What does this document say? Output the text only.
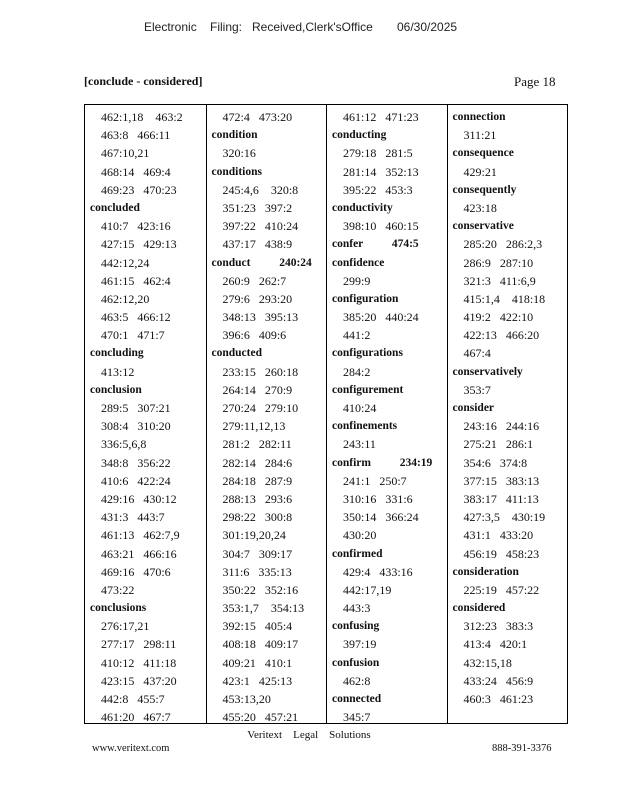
Electronic Filing: Received,Clerk'sOffice 06/30/2025
[conclude - considered]	Page 18
462:1,18    463:2
463:8   466:11
467:10,21
468:14   469:4
469:23   470:23
concluded
410:7   423:16
427:15   429:13
442:12,24
461:15   462:4
462:12,20
463:5   466:12
470:1   471:7
concluding
413:12
conclusion
289:5   307:21
308:4   310:20
336:5,6,8
348:8   356:22
410:6   422:24
429:16   430:12
431:3   443:7
461:13   462:7,9
463:21   466:16
469:16   470:6
473:22
conclusions
276:17,21
277:17   298:11
410:12   411:18
423:15   437:20
442:8   455:7
461:20   467:7
472:4   473:20
condition
320:16
conditions
245:4,6    320:8
351:23   397:2
397:22   410:24
437:17   438:9
conduct          240:24
260:9   262:7
279:6   293:20
348:13   395:13
396:6   409:6
conducted
233:15   260:18
264:14   270:9
270:24   279:10
279:11,12,13
281:2   282:11
282:14   284:6
284:18   287:9
288:13   293:6
298:22   300:8
301:19,20,24
304:7   309:17
311:6   335:13
350:22   352:16
353:1,7    354:13
392:15   405:4
408:18   409:17
409:21   410:1
423:1   425:13
453:13,20
455:20   457:21
461:12   471:23
conducting
279:18   281:5
281:14   352:13
395:22   453:3
conductivity
398:10   460:15
confer          474:5
confidence
299:9
configuration
385:20   440:24
441:2
configurations
284:2
configurement
410:24
confinements
243:11
confirm          234:19
241:1   250:7
310:16   331:6
350:14   366:24
430:20
confirmed
429:4   433:16
442:17,19
443:3
confusing
397:19
confusion
462:8
connected
345:7
connection
311:21
consequence
429:21
consequently
423:18
conservative
285:20   286:2,3
286:9   287:10
321:3   411:6,9
415:1,4    418:18
419:2   422:10
422:13   466:20
467:4
conservatively
353:7
consider
243:16   244:16
275:21   286:1
354:6   374:8
377:15   383:13
383:17   411:13
427:3,5    430:19
431:1   433:20
456:19   458:23
consideration
225:19   457:22
considered
312:23   383:3
413:4   420:1
432:15,18
433:24   456:9
460:3   461:23
Veritext    Legal    Solutions
www.veritext.com	888-391-3376
